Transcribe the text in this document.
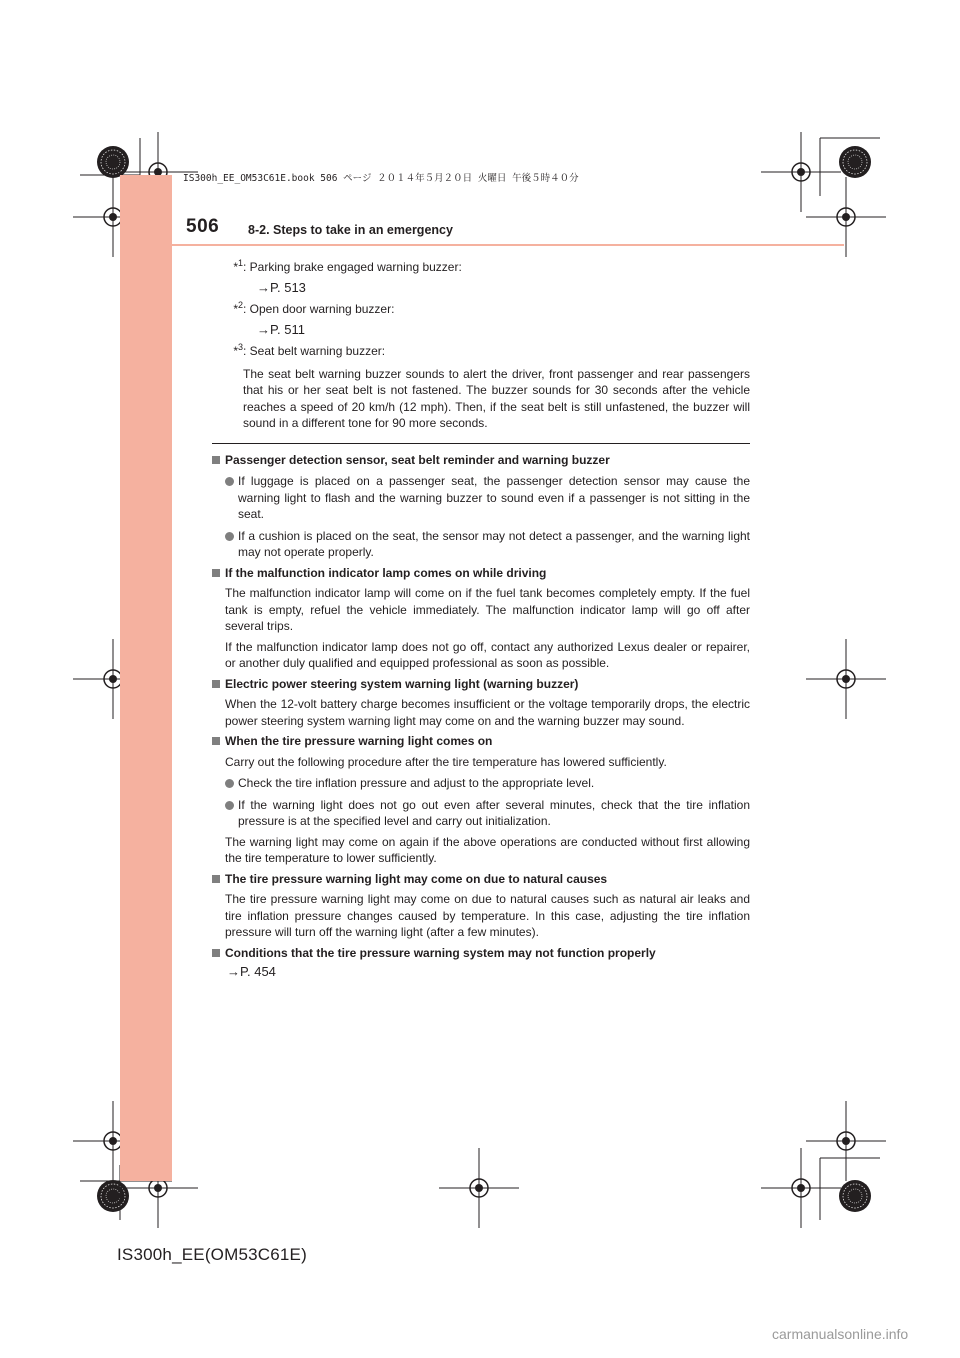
IS300h_EE_OM53C61E.book 506 ページ ２０１４年５月２０日 火曜日 午後５時４０分
506 8-2. Steps to take in an emergency
*$^1$ : Parking brake engaged warning buzzer:
→P. 513
*$^2$ : Open door warning buzzer:
→P. 511
*$^3$ : Seat belt warning buzzer:
The seat belt warning buzzer sounds to alert the driver, front passenger and rear passengers that his or her seat belt is not fastened. The buzzer sounds for 30 seconds after the vehicle reaches a speed of 20 km/h (12 mph). Then, if the seat belt is still unfastened, the buzzer will sound in a different tone for 90 more seconds.
Passenger detection sensor, seat belt reminder and warning buzzer
If luggage is placed on a passenger seat, the passenger detection sensor may cause the warning light to flash and the warning buzzer to sound even if a passenger is not sitting in the seat.
If a cushion is placed on the seat, the sensor may not detect a passenger, and the warning light may not operate properly.
If the malfunction indicator lamp comes on while driving
The malfunction indicator lamp will come on if the fuel tank becomes completely empty. If the fuel tank is empty, refuel the vehicle immediately. The malfunction indicator lamp will go off after several trips.
If the malfunction indicator lamp does not go off, contact any authorized Lexus dealer or repairer, or another duly qualified and equipped professional as soon as possible.
Electric power steering system warning light (warning buzzer)
When the 12-volt battery charge becomes insufficient or the voltage temporarily drops, the electric power steering system warning light may come on and the warning buzzer may sound.
When the tire pressure warning light comes on
Carry out the following procedure after the tire temperature has lowered sufficiently.
Check the tire inflation pressure and adjust to the appropriate level.
If the warning light does not go out even after several minutes, check that the tire inflation pressure is at the specified level and carry out initialization.
The warning light may come on again if the above operations are conducted without first allowing the tire temperature to lower sufficiently.
The tire pressure warning light may come on due to natural causes
The tire pressure warning light may come on due to natural causes such as natural air leaks and tire inflation pressure changes caused by temperature. In this case, adjusting the tire inflation pressure will turn off the warning light (after a few minutes).
Conditions that the tire pressure warning system may not function properly
→P. 454
IS300h_EE(OM53C61E)
carmanualsonline.info
